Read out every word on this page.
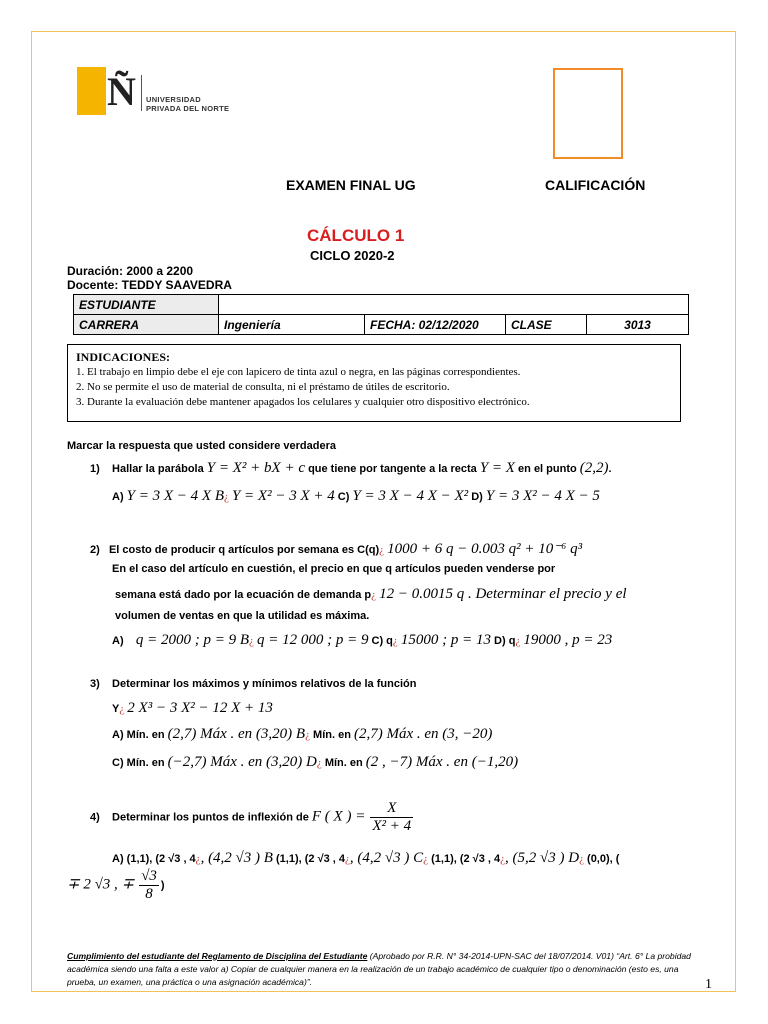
Ñ UNIVERSIDAD
PRIVADA DEL NORTE
EXAMEN FINAL UG	CALIFICACIÓN
CÁLCULO 1
CICLO 2020-2
Duración: 2000 a 2200
Docente: TEDDY SAAVEDRA
ESTUDIANTE				
CARRERA	Ingeniería	FECHA: 02/12/2020	CLASE	3013
INDICACIONES:
1. El trabajo en limpio debe el eje con lapicero de tinta azul o negra, en las páginas correspondientes.
2. No se permite el uso de material de consulta, ni el préstamo de útiles de escritorio.
3. Durante la evaluación debe mantener apagados los celulares y cualquier otro dispositivo electrónico.
Marcar la respuesta que usted considere verdadera
1) Hallar la parábola Y = X² + bX + c que tiene por tangente a la recta Y = X en el punto (2,2).
A) Y = 3 X − 4 X B¿ Y = X² − 3 X + 4 C) Y = 3 X − 4 X − X² D) Y = 3 X² − 4 X − 5
2) El costo de producir q artículos por semana es C(q)¿ 1000 + 6 q − 0.003 q² + 10⁻⁶ q³
En el caso del artículo en cuestión, el precio en que q artículos pueden venderse por
semana está dado por la ecuación de demanda p¿ 12 − 0.0015 q . Determinar el precio y el
volumen de ventas en que la utilidad es máxima.
A) q = 2000 ; p = 9 B¿ q = 12 000 ; p = 9 C) q¿ 15000 ; p = 13 D) q¿ 19000 , p = 23
3) Determinar los máximos y mínimos relativos de la función
Y¿ 2 X³ − 3 X² − 12 X + 13
A) Mín. en (2,7) Máx . en (3,20) B¿ Mín. en (2,7) Máx . en (3, −20)
C) Mín. en (−2,7) Máx . en (3,20) D¿ Mín. en (2 , −7) Máx . en (−1,20)
4) Determinar los puntos de inflexión de F ( X ) = $\frac{X}{\text{X² + 4}}$
A) (1,1), (2 √3 , 4¿, (4,2 √3 ) B (1,1), (2 √3 , 4¿, (4,2 √3 ) C¿ (1,1), (2 √3 , 4¿, (5,2 √3 ) D¿ (0,0), (
∓ 2 √3 , ∓ $\frac{√3}{8}$ )
Cumplimiento del estudiante del Reglamento de Disciplina del Estudiante (Aprobado por R.R. N° 34-2014-UPN-SAC del 18/07/2014. V01) “Art. 6° La probidad académica siendo una falta a este valor a) Copiar de cualquier manera en la realización de un trabajo académico de cualquier tipo o denominación (esto es, una prueba, un examen, una práctica o una asignación académica)”.	1
